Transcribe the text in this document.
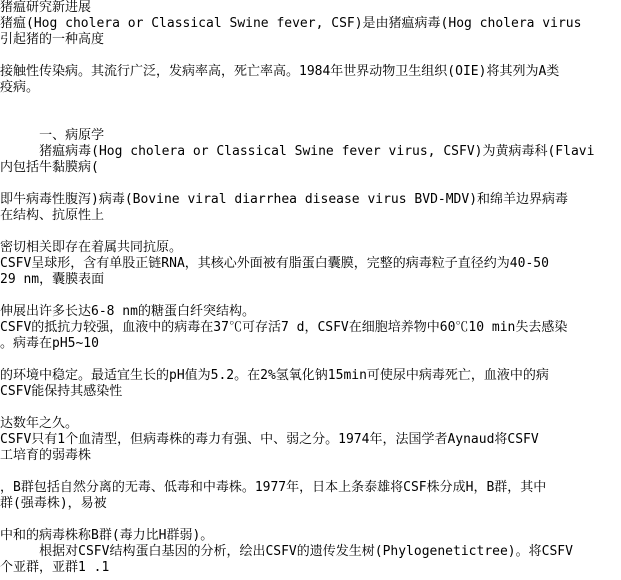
猪瘟研究新进展
猪瘟(Hog cholera or Classical Swine fever, CSF)是由猪瘟病毒(Hog cholera virus
引起猪的一种高度
接触性传染病。其流行广泛，发病率高，死亡率高。1984年世界动物卫生组织(OIE)将其列为A类
疫病。
一、病原学
猪瘟病毒(Hog cholera or Classical Swine fever virus, CSFV)为黄病毒科(Flavi
内包括牛黏膜病(
即牛病毒性腹泻)病毒(Bovine viral diarrhea disease virus BVD-MDV)和绵羊边界病毒
在结构、抗原性上
密切相关即存在着属共同抗原。
CSFV呈球形，含有单股正链RNA，其核心外面被有脂蛋白囊膜，完整的病毒粒子直径约为40-50
29 nm，囊膜表面
伸展出许多长达6-8 nm的糖蛋白纤突结构。
CSFV的抵抗力较强，血液中的病毒在37℃可存活7 d，CSFV在细胞培养物中60℃10 min失去感染
。病毒在pH5~10
的环境中稳定。最适宜生长的pH值为5.2。在2%氢氧化钠15min可使尿中病毒死亡，血液中的病
CSFV能保持其感染性
达数年之久。
CSFV只有1个血清型，但病毒株的毒力有强、中、弱之分。1974年，法国学者Aynaud将CSFV
工培育的弱毒株
，B群包括自然分离的无毒、低毒和中毒株。1977年，日本上条泰雄将CSF株分成H，B群，其中
群(强毒株)，易被
中和的病毒株称B群(毒力比H群弱)。
根据对CSFV结构蛋白基因的分析，绘出CSFV的遗传发生树(Phylogenetictree)。将CSFV
个亚群，亚群1 .1
